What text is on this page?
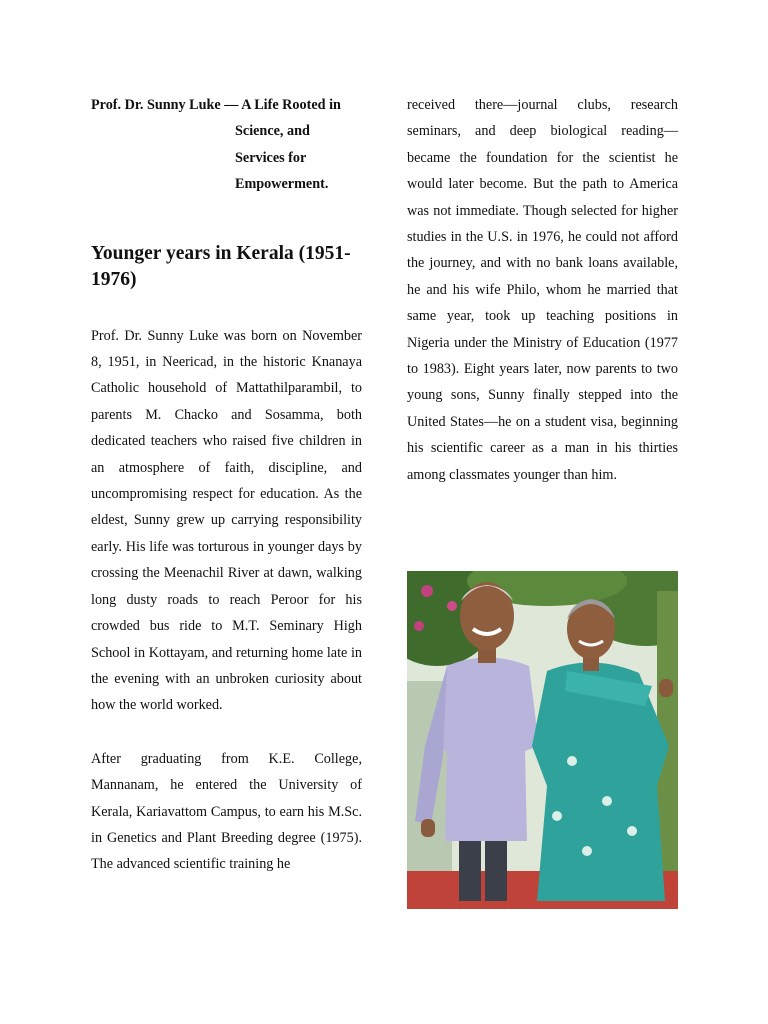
Prof. Dr. Sunny Luke — A Life Rooted in
Science, and Services for Empowerment.

Younger years in Kerala (1951-1976)

Prof. Dr. Sunny Luke was born on November 8, 1951, in Neericad, in the historic Knanaya Catholic household of Mattathilparambil, to parents M. Chacko and Sosamma, both dedicated teachers who raised five children in an atmosphere of faith, discipline, and uncompromising respect for education. As the eldest, Sunny grew up carrying responsibility early. His life was torturous in younger days by crossing the Meenachil River at dawn, walking long dusty roads to reach Peroor for his crowded bus ride to M.T. Seminary High School in Kottayam, and returning home late in the evening with an unbroken curiosity about how the world worked.

After graduating from K.E. College, Mannanam, he entered the University of Kerala, Kariavattom Campus, to earn his M.Sc. in Genetics and Plant Breeding degree (1975). The advanced scientific training he

received there—journal clubs, research seminars, and deep biological reading—became the foundation for the scientist he would later become. But the path to America was not immediate. Though selected for higher studies in the U.S. in 1976, he could not afford the journey, and with no bank loans available, he and his wife Philo, whom he married that same year, took up teaching positions in Nigeria under the Ministry of Education (1977 to 1983). Eight years later, now parents to two young sons, Sunny finally stepped into the United States—he on a student visa, beginning his scientific career as a man in his thirties among classmates younger than him.
